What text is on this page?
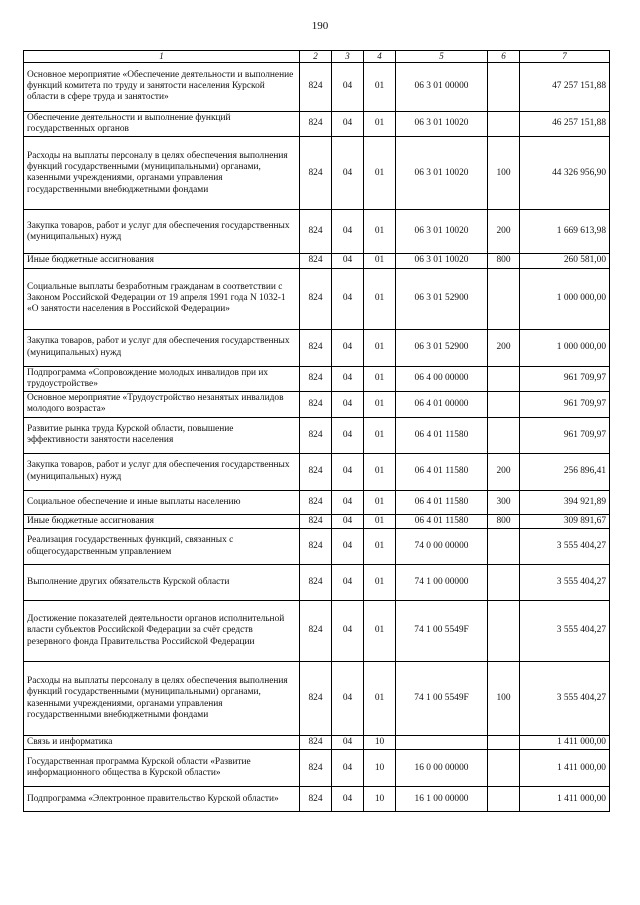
190
1	2	3	4	5	6	7
Основное мероприятие «Обеспечение деятельности и выполнение функций комитета по труду и занятости населения Курской области в сфере труда и занятости»	824	04	01	06 3 01 00000		47 257 151,88
Обеспечение деятельности и выполнение функций государственных органов	824	04	01	06 3 01 10020		46 257 151,88
Расходы на выплаты персоналу в целях обеспечения выполнения функций государственными (муниципальными) органами, казенными учреждениями, органами управления государственными внебюджетными фондами	824	04	01	06 3 01 10020	100	44 326 956,90
Закупка товаров, работ и услуг для обеспечения государственных (муниципальных) нужд	824	04	01	06 3 01 10020	200	1 669 613,98
Иные бюджетные ассигнования	824	04	01	06 3 01 10020	800	260 581,00
Социальные выплаты безработным гражданам в соответствии с Законом Российской Федерации от 19 апреля 1991 года N 1032-1 «О занятости населения в Российской Федерации»	824	04	01	06 3 01 52900		1 000 000,00
Закупка товаров, работ и услуг для обеспечения государственных (муниципальных) нужд	824	04	01	06 3 01 52900	200	1 000 000,00
Подпрограмма «Сопровождение молодых инвалидов при их трудоустройстве»	824	04	01	06 4 00 00000		961 709,97
Основное мероприятие «Трудоустройство незанятых инвалидов молодого возраста»	824	04	01	06 4 01 00000		961 709,97
Развитие рынка труда Курской области, повышение эффективности занятости населения	824	04	01	06 4 01 11580		961 709,97
Закупка товаров, работ и услуг для обеспечения государственных (муниципальных) нужд	824	04	01	06 4 01 11580	200	256 896,41
Социальное обеспечение и иные выплаты населению	824	04	01	06 4 01 11580	300	394 921,89
Иные бюджетные ассигнования	824	04	01	06 4 01 11580	800	309 891,67
Реализация государственных функций, связанных с общегосударственным управлением	824	04	01	74 0 00 00000		3 555 404,27
Выполнение других обязательств Курской области	824	04	01	74 1 00 00000		3 555 404,27
Достижение показателей деятельности органов исполнительной власти субъектов Российской Федерации за счёт средств резервного фонда Правительства Российской Федерации	824	04	01	74 1 00 5549F		3 555 404,27
Расходы на выплаты персоналу в целях обеспечения выполнения функций государственными (муниципальными) органами, казенными учреждениями, органами управления государственными внебюджетными фондами	824	04	01	74 1 00 5549F	100	3 555 404,27
Связь и информатика	824	04	10			1 411 000,00
Государственная программа Курской области «Развитие информационного общества в Курской области»	824	04	10	16 0 00 00000		1 411 000,00
Подпрограмма «Электронное правительство Курской области»	824	04	10	16 1 00 00000		1 411 000,00
